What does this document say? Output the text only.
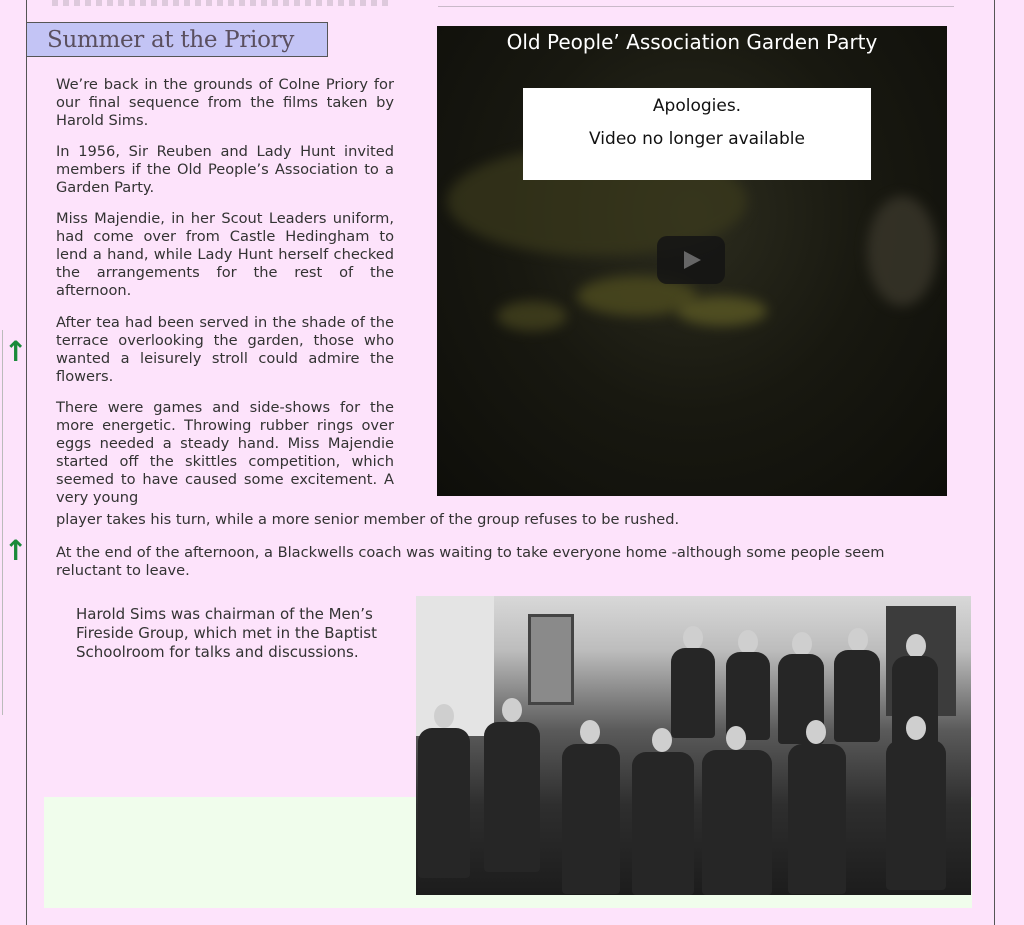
Summer at the Priory

We’re back in the grounds of Colne Priory for our final sequence from the films taken by Harold Sims.

In 1956, Sir Reuben and Lady Hunt invited members if the Old People’s Association to a Garden Party.

Miss Majendie, in her Scout Leaders uniform, had come over from Castle Hedingham to lend a hand, while Lady Hunt herself checked the arrangements for the rest of the afternoon.

After tea had been served in the shade of the terrace overlooking the garden, those who wanted a leisurely stroll could admire the flowers.

There were games and side-shows for the more energetic. Throwing rubber rings over eggs needed a steady hand. Miss Majendie started off the skittles competition, which seemed to have caused some excitement. A very young

player takes his turn, while a more senior member of the group refuses to be rushed.

At the end of the afternoon, a Blackwells coach was waiting to take everyone home -although some people seem reluctant to leave.

↑
↑
Old People’ Association Garden Party
Apologies.
Video no longer available

Harold Sims was chairman of the Men’s Fireside Group, which met in the Baptist Schoolroom for talks and discussions.
